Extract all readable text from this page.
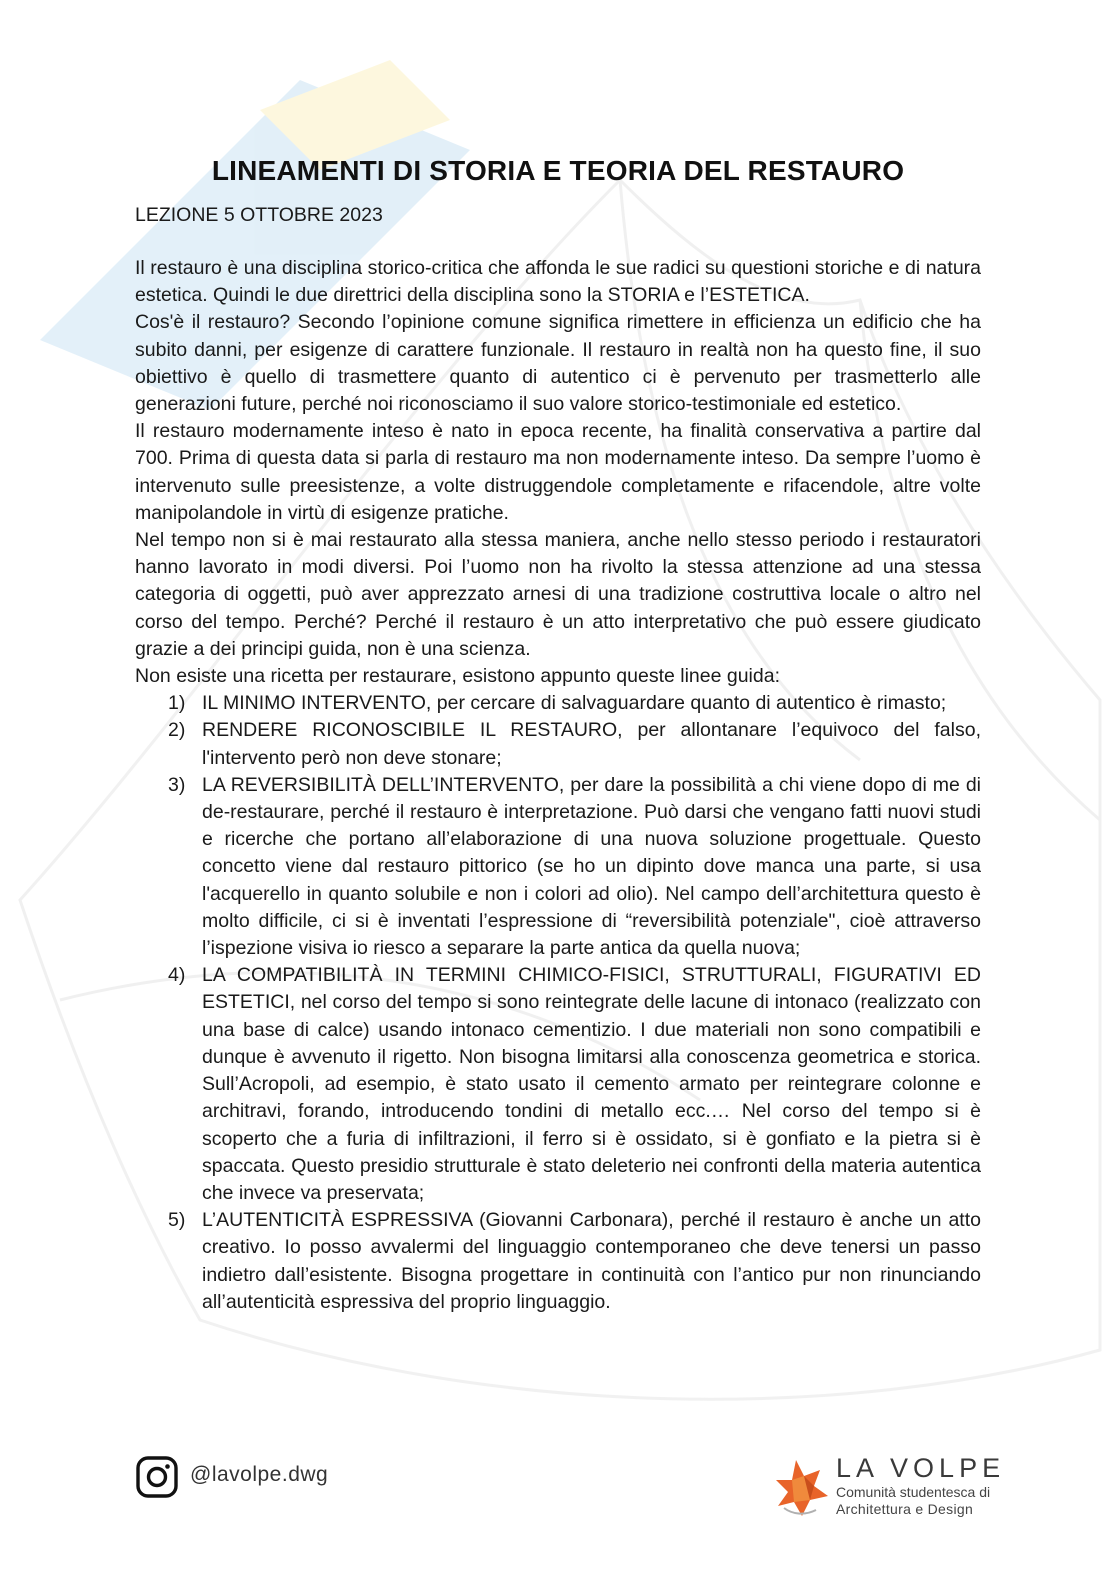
LINEAMENTI DI STORIA E TEORIA DEL RESTAURO
LEZIONE 5 OTTOBRE 2023

Il restauro è una disciplina storico-critica che affonda le sue radici su questioni storiche e di natura estetica. Quindi le due direttrici della disciplina sono la STORIA e l’ESTETICA.

Cos'è il restauro? Secondo l’opinione comune significa rimettere in efficienza un edificio che ha subito danni, per esigenze di carattere funzionale. Il restauro in realtà non ha questo fine, il suo obiettivo è quello di trasmettere quanto di autentico ci è pervenuto per trasmetterlo alle generazioni future, perché noi riconosciamo il suo valore storico-testimoniale ed estetico.

Il restauro modernamente inteso è nato in epoca recente, ha finalità conservativa a partire dal 700. Prima di questa data si parla di restauro ma non modernamente inteso. Da sempre l’uomo è intervenuto sulle preesistenze, a volte distruggendole completamente e rifacendole, altre volte manipolandole in virtù di esigenze pratiche.

Nel tempo non si è mai restaurato alla stessa maniera, anche nello stesso periodo i restauratori hanno lavorato in modi diversi. Poi l’uomo non ha rivolto la stessa attenzione ad una stessa categoria di oggetti, può aver apprezzato arnesi di una tradizione costruttiva locale o altro nel corso del tempo. Perché? Perché il restauro è un atto interpretativo che può essere giudicato grazie a dei principi guida, non è una scienza.

Non esiste una ricetta per restaurare, esistono appunto queste linee guida:

1) IL MINIMO INTERVENTO, per cercare di salvaguardare quanto di autentico è rimasto;
2) RENDERE RICONOSCIBILE IL RESTAURO, per allontanare l’equivoco del falso, l'intervento però non deve stonare;
3) LA REVERSIBILITÀ DELL’INTERVENTO, per dare la possibilità a chi viene dopo di me di de-restaurare, perché il restauro è interpretazione. Può darsi che vengano fatti nuovi studi e ricerche che portano all’elaborazione di una nuova soluzione progettuale. Questo concetto viene dal restauro pittorico (se ho un dipinto dove manca una parte, si usa l'acquerello in quanto solubile e non i colori ad olio). Nel campo dell’architettura questo è molto difficile, ci si è inventati l’espressione di “reversibilità potenziale", cioè attraverso l’ispezione visiva io riesco a separare la parte antica da quella nuova;
4) LA COMPATIBILITÀ IN TERMINI CHIMICO-FISICI, STRUTTURALI, FIGURATIVI ED ESTETICI, nel corso del tempo si sono reintegrate delle lacune di intonaco (realizzato con una base di calce) usando intonaco cementizio. I due materiali non sono compatibili e dunque è avvenuto il rigetto. Non bisogna limitarsi alla conoscenza geometrica e storica. Sull’Acropoli, ad esempio, è stato usato il cemento armato per reintegrare colonne e architravi, forando, introducendo tondini di metallo ecc.… Nel corso del tempo si è scoperto che a furia di infiltrazioni, il ferro si è ossidato, si è gonfiato e la pietra si è spaccata. Questo presidio strutturale è stato deleterio nei confronti della materia autentica che invece va preservata;
5) L’AUTENTICITÀ ESPRESSIVA (Giovanni Carbonara), perché il restauro è anche un atto creativo. Io posso avvalermi del linguaggio contemporaneo che deve tenersi un passo indietro dall’esistente. Bisogna progettare in continuità con l’antico pur non rinunciando all’autenticità espressiva del proprio linguaggio.
@lavolpe.dwg	LA VOLPE
Comunità studentesca di
Architettura e Design
